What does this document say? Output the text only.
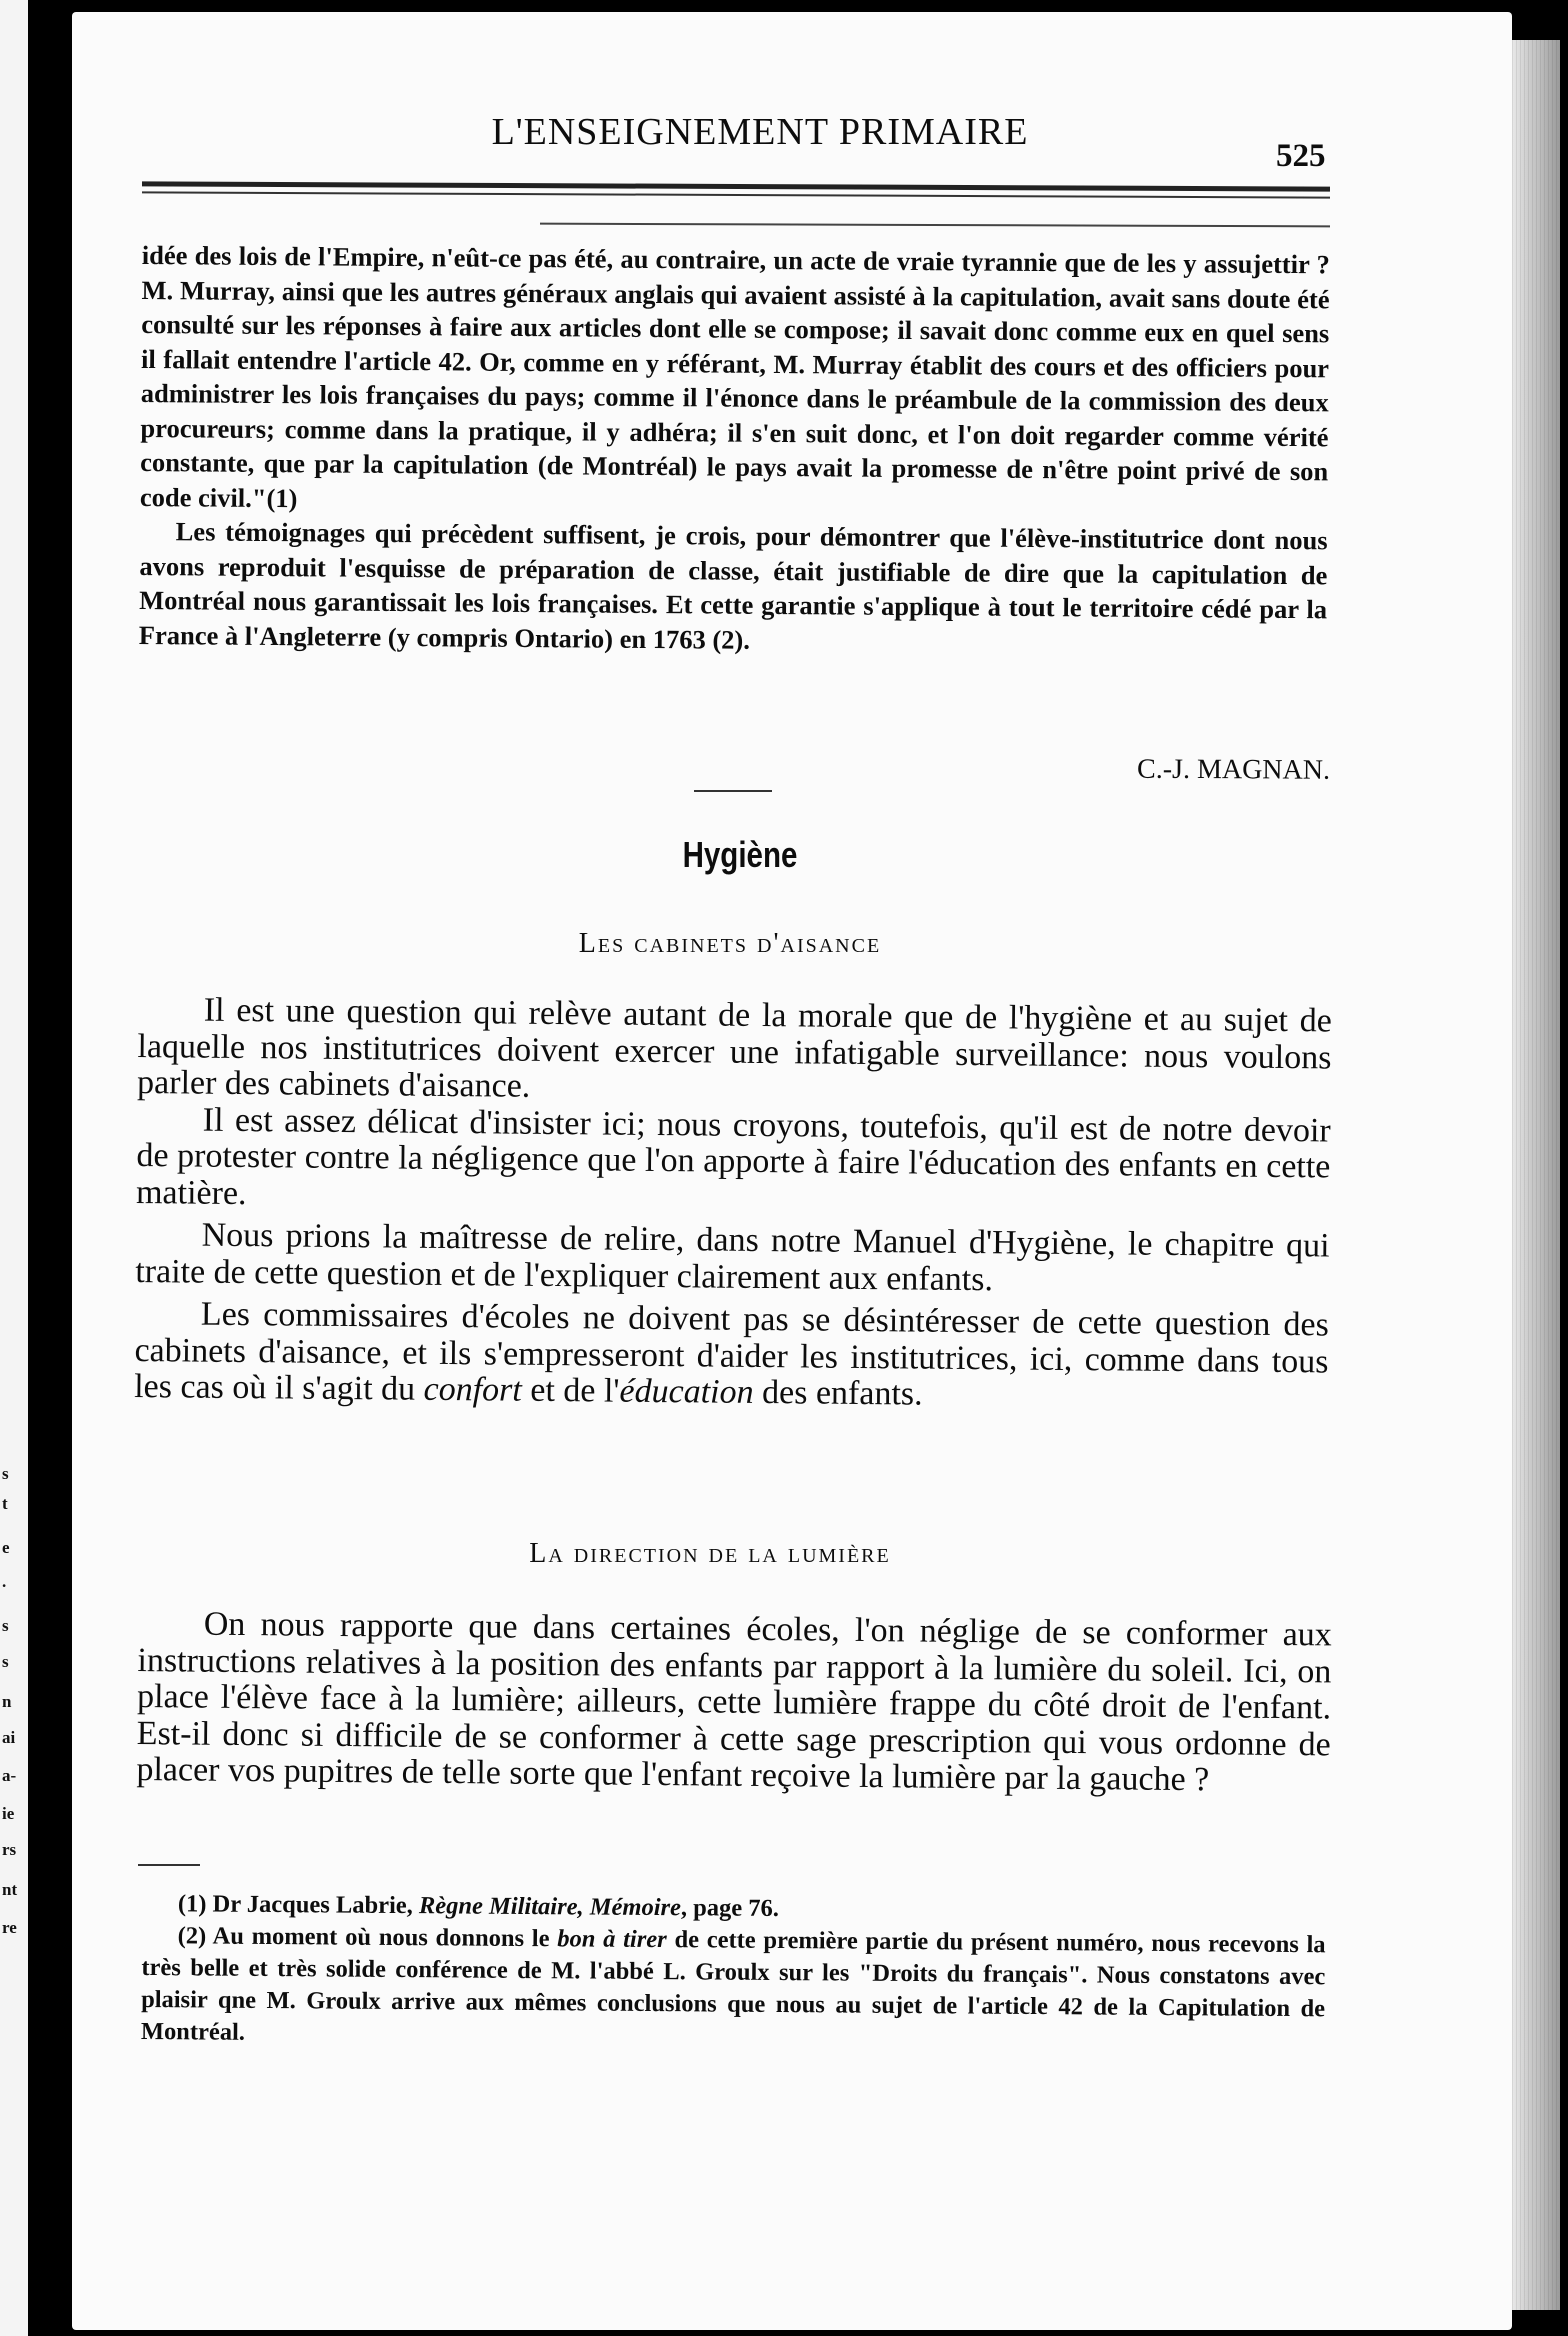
s
t
e
.
s
s
n
ai
a-
ie
rs
nt
re
L'ENSEIGNEMENT PRIMAIRE
525

idée des lois de l'Empire, n'eût-ce pas été, au contraire, un acte de vraie tyrannie que de les y assujettir ? M. Murray, ainsi que les autres généraux anglais qui avaient assisté à la capitulation, avait sans doute été consulté sur les réponses à faire aux articles dont elle se compose; il savait donc comme eux en quel sens il fallait entendre l'article 42. Or, comme en y référant, M. Murray établit des cours et des officiers pour administrer les lois françaises du pays; comme il l'énonce dans le préambule de la commission des deux procureurs; comme dans la pratique, il y adhéra; il s'en suit donc, et l'on doit regarder comme vérité constante, que par la capitulation (de Montréal) le pays avait la promesse de n'être point privé de son code civil."(1)

Les témoignages qui précèdent suffisent, je crois, pour démontrer que l'élève-institutrice dont nous avons reproduit l'esquisse de préparation de classe, était justifiable de dire que la capitulation de Montréal nous garantissait les lois françaises. Et cette garantie s'applique à tout le territoire cédé par la France à l'Angleterre (y compris Ontario) en 1763 (2).

C.-J. MAGNAN.
Hygiène
Les cabinets d'aisance

Il est une question qui relève autant de la morale que de l'hygiène et au sujet de laquelle nos institutrices doivent exercer une infatigable surveillance: nous voulons parler des cabinets d'aisance.

Il est assez délicat d'insister ici; nous croyons, toutefois, qu'il est de notre devoir de protester contre la négligence que l'on apporte à faire l'éducation des enfants en cette matière.

Nous prions la maîtresse de relire, dans notre Manuel d'Hygiène, le chapitre qui traite de cette question et de l'expliquer clairement aux enfants.

Les commissaires d'écoles ne doivent pas se désintéresser de cette question des cabinets d'aisance, et ils s'empresseront d'aider les institutrices, ici, comme dans tous les cas où il s'agit du confort et de l'éducation des enfants.

La direction de la lumière

On nous rapporte que dans certaines écoles, l'on néglige de se conformer aux instructions relatives à la position des enfants par rapport à la lumière du soleil. Ici, on place l'élève face à la lumière; ailleurs, cette lumière frappe du côté droit de l'enfant. Est-il donc si difficile de se conformer à cette sage prescription qui vous ordonne de placer vos pupitres de telle sorte que l'enfant reçoive la lumière par la gauche ?

(1) Dr Jacques Labrie, Règne Militaire, Mémoire, page 76.

(2) Au moment où nous donnons le bon à tirer de cette première partie du présent numéro, nous recevons la très belle et très solide conférence de M. l'abbé L. Groulx sur les "Droits du français". Nous constatons avec plaisir qne M. Groulx arrive aux mêmes conclusions que nous au sujet de l'article 42 de la Capitulation de Montréal.
